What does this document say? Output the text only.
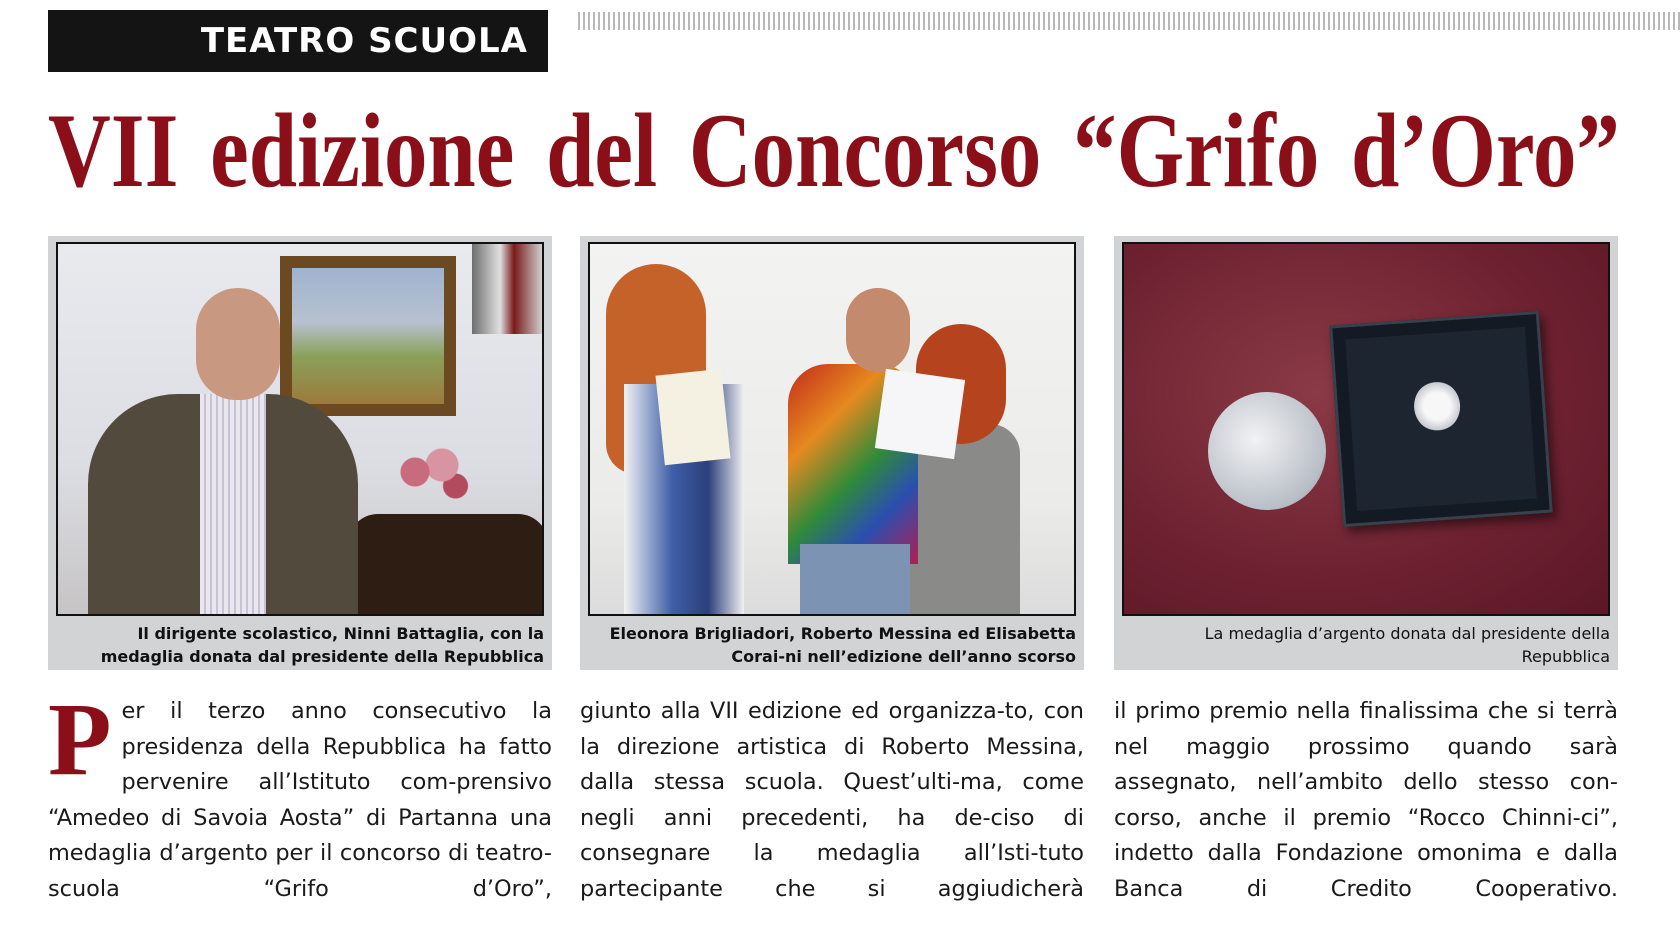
TEATRO SCUOLA
VII edizione del Concorso “Grifo d’Oro”
Il dirigente scolastico, Ninni Battaglia, con la medaglia donata dal presidente della Repubblica
Eleonora Brigliadori, Roberto Messina ed Elisabetta Corai-ni nell’edizione dell’anno scorso
La medaglia d’argento donata dal presidente della Repubblica
P er il terzo anno consecutivo la presidenza della Repubblica ha fatto pervenire all’Istituto com-prensivo “Amedeo di Savoia Aosta” di Partanna una medaglia d’argento per il concorso di teatro-scuola “Grifo d’Oro”,

giunto alla VII edizione ed organizza-to, con la direzione artistica di Roberto Messina, dalla stessa scuola. Quest’ulti-ma, come negli anni precedenti, ha de-ciso di consegnare la medaglia all’Isti-tuto partecipante che si aggiudicherà

il primo premio nella finalissima che si terrà nel maggio prossimo quando sarà assegnato, nell’ambito dello stesso con-corso, anche il premio “Rocco Chinni-ci”, indetto dalla Fondazione omonima e dalla Banca di Credito Cooperativo.
